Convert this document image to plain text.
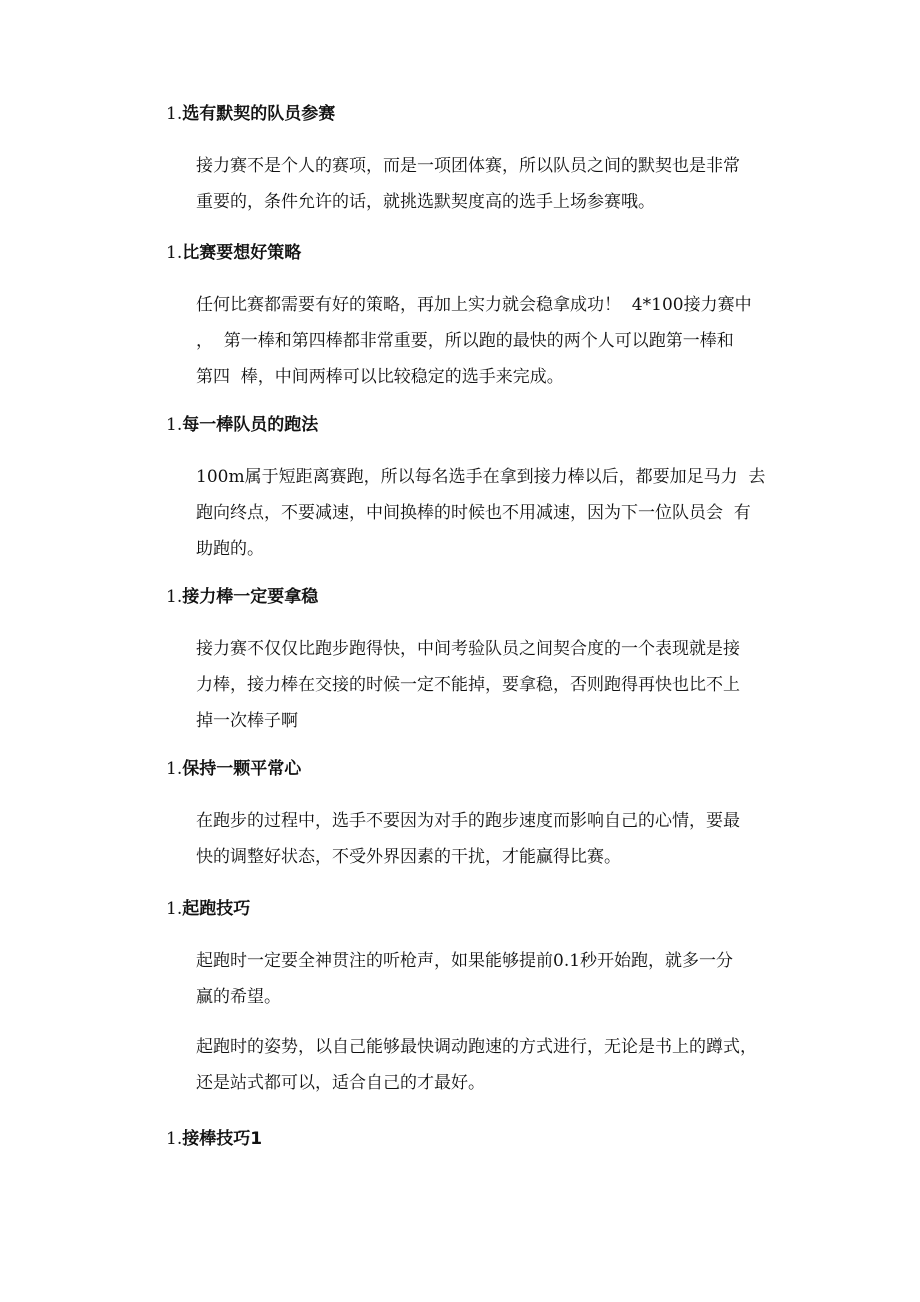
1.选有默契的队员参赛
接力赛不是个人的赛项，而是一项团体赛，所以队员之间的默契也是非常
重要的，条件允许的话，就挑选默契度高的选手上场参赛哦。
1.比赛要想好策略
任何比赛都需要有好的策略，再加上实力就会稳拿成功！  4*100接力赛中
，  第一棒和第四棒都非常重要，所以跑的最快的两个人可以跑第一棒和
第四  棒，中间两棒可以比较稳定的选手来完成。
1.每一棒队员的跑法
100m属于短距离赛跑，所以每名选手在拿到接力棒以后，都要加足马力  去
跑向终点，不要减速，中间换棒的时候也不用减速，因为下一位队员会  有
助跑的。
1.接力棒一定要拿稳
接力赛不仅仅比跑步跑得快，中间考验队员之间契合度的一个表现就是接
力棒，接力棒在交接的时候一定不能掉，要拿稳，否则跑得再快也比不上
掉一次棒子啊
1.保持一颗平常心
在跑步的过程中，选手不要因为对手的跑步速度而影响自己的心情，要最
快的调整好状态，不受外界因素的干扰，才能赢得比赛。
1.起跑技巧
起跑时一定要全神贯注的听枪声，如果能够提前0.1秒开始跑，就多一分
赢的希望。
起跑时的姿势，以自己能够最快调动跑速的方式进行，无论是书上的蹲式，
还是站式都可以，适合自己的才最好。
1.接棒技巧1
